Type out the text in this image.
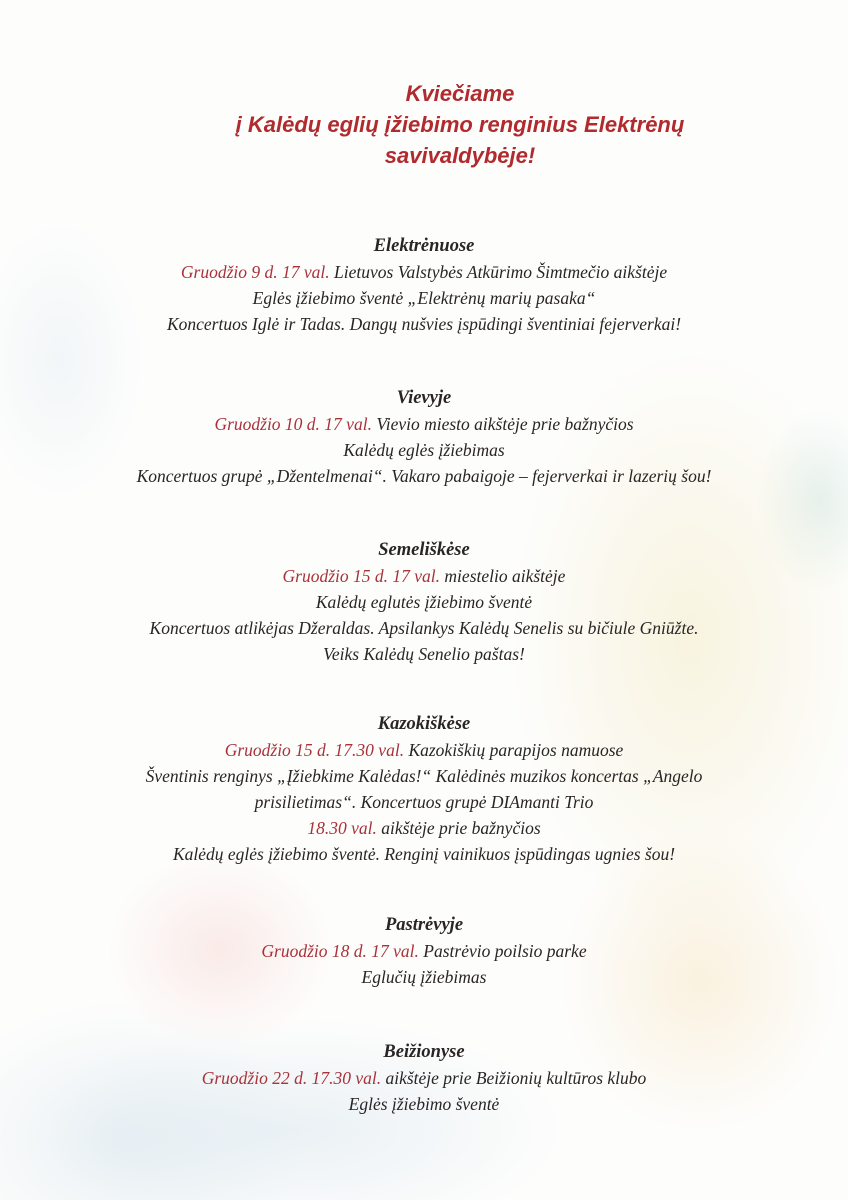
Kviečiame
į Kalėdų eglių įžiebimo renginius Elektrėnų
savivaldybėje!
Elektrėnuose
Gruodžio 9 d. 17 val. Lietuvos Valstybės Atkūrimo Šimtmečio aikštėje
Eglės įžiebimo šventė „Elektrėnų marių pasaka“
Koncertuos Iglė ir Tadas. Dangų nušvies įspūdingi šventiniai fejerverkai!
Vievyje
Gruodžio 10 d. 17 val. Vievio miesto aikštėje prie bažnyčios
Kalėdų eglės įžiebimas
Koncertuos grupė „Džentelmenai“. Vakaro pabaigoje – fejerverkai ir lazerių šou!
Semeliškėse
Gruodžio 15 d. 17 val. miestelio aikštėje
Kalėdų eglutės įžiebimo šventė
Koncertuos atlikėjas Džeraldas. Apsilankys Kalėdų Senelis su bičiule Gniūžte.
Veiks Kalėdų Senelio paštas!
Kazokiškėse
Gruodžio 15 d. 17.30 val. Kazokiškių parapijos namuose
Šventinis renginys „Įžiebkime Kalėdas!“ Kalėdinės muzikos koncertas „Angelo
prisilietimas“. Koncertuos grupė DIAmanti Trio
18.30 val. aikštėje prie bažnyčios
Kalėdų eglės įžiebimo šventė. Renginį vainikuos įspūdingas ugnies šou!
Pastrėvyje
Gruodžio 18 d. 17 val. Pastrėvio poilsio parke
Eglučių įžiebimas
Beižionyse
Gruodžio 22 d. 17.30 val. aikštėje prie Beižionių kultūros klubo
Eglės įžiebimo šventė
